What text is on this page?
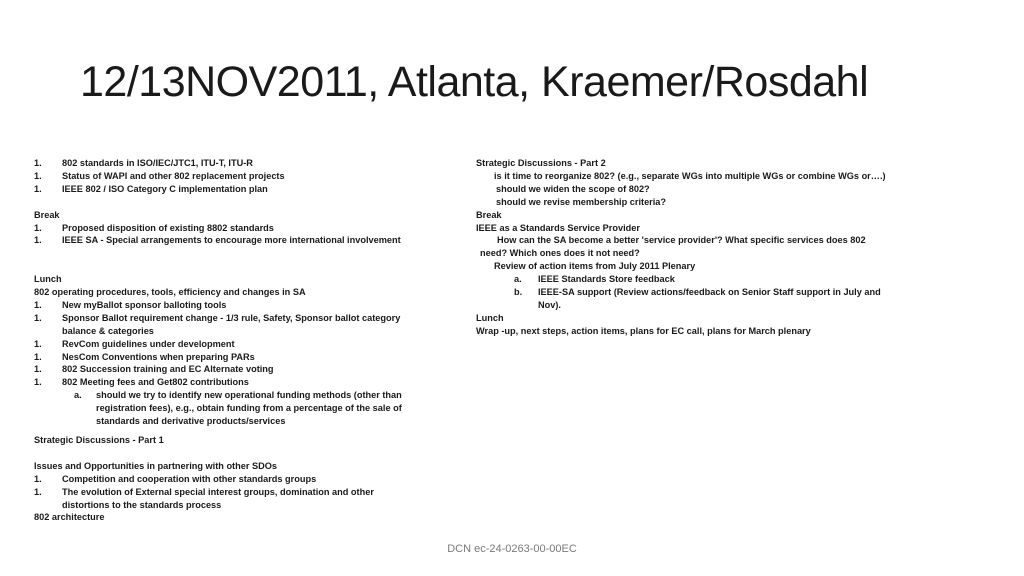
12/13NOV2011, Atlanta, Kraemer/Rosdahl
1. 802 standards in ISO/IEC/JTC1, ITU-T, ITU-R
1. Status of WAPI and other 802 replacement projects
1. IEEE 802 / ISO Category C implementation plan
Break
1. Proposed disposition of existing 8802 standards
1. IEEE SA - Special arrangements to encourage more international involvement
Lunch
802 operating procedures, tools, efficiency and changes in SA
1. New myBallot sponsor balloting tools
1. Sponsor Ballot requirement change - 1/3 rule, Safety, Sponsor ballot category
balance & categories
1. RevCom guidelines under development
1. NesCom Conventions when preparing PARs
1. 802 Succession training and EC Alternate voting
1. 802 Meeting fees and Get802 contributions
a. should we try to identify new operational funding methods (other than
registration fees), e.g., obtain funding from a percentage of the sale of
standards and derivative products/services
Strategic Discussions - Part 1
Issues and Opportunities in partnering with other SDOs
1. Competition and cooperation with other standards groups
1. The evolution of External special interest groups, domination and other
distortions to the standards process
802 architecture
Strategic Discussions - Part 2
is it time to reorganize 802? (e.g., separate WGs into multiple WGs or combine WGs or….)
should we widen the scope of 802?
should we revise membership criteria?
Break
IEEE as a Standards Service Provider
How can the SA become a better 'service provider'? What specific services does 802
need? Which ones does it not need?
Review of action items from July 2011 Plenary
a. IEEE Standards Store feedback
b. IEEE-SA support (Review actions/feedback on Senior Staff support in July and
Nov).
Lunch
Wrap -up, next steps, action items, plans for EC call, plans for March plenary
DCN ec-24-0263-00-00EC
